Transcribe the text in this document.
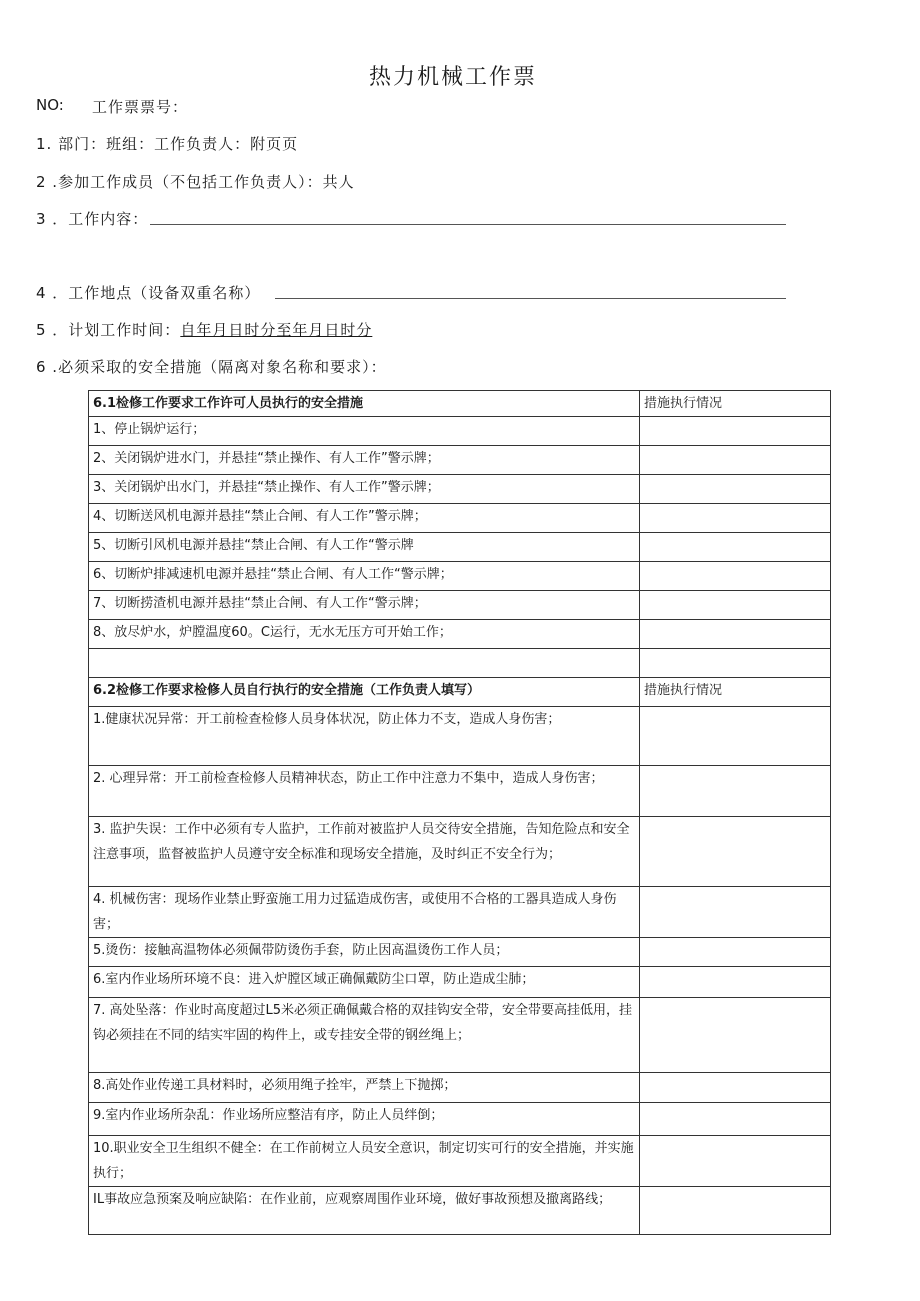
热力机械工作票
NO: 工作票票号：
1. 部门：班组：工作负责人：附页页
2 .参加工作成员（不包括工作负责人）：共人
3 ．工作内容：
4 ．工作地点（设备双重名称）
5 ．计划工作时间：自年月日时分至年月日时分
6 .必须采取的安全措施（隔离对象名称和要求）：
6.1检修工作要求工作许可人员执行的安全措施	措施执行情况
1、停止锅炉运行；	
2、关闭锅炉进水门，并悬挂“禁止操作、有人工作”警示牌；	
3、关闭锅炉出水门，并悬挂“禁止操作、有人工作”警示牌；	
4、切断送风机电源并悬挂“禁止合闸、有人工作”警示牌；	
5、切断引风机电源并悬挂“禁止合闸、有人工作“警示牌	
6、切断炉排减速机电源并悬挂“禁止合闸、有人工作“警示牌；	
7、切断捞渣机电源并悬挂“禁止合闸、有人工作“警示牌；	
8、放尽炉水，炉膛温度60。C运行，无水无压方可开始工作；	

6.2检修工作要求检修人员自行执行的安全措施（工作负责人填写）	措施执行情况
1.健康状况异常：开工前检查检修人员身体状况，防止体力不支，造成人身伤害；	
2. 心理异常：开工前检查检修人员精神状态，防止工作中注意力不集中，造成人身伤害；	
3. 监护失误：工作中必须有专人监护，工作前对被监护人员交待安全措施，告知危险点和安全注意事项，监督被监护人员遵守安全标准和现场安全措施，及时纠正不安全行为；	
4. 机械伤害：现场作业禁止野蛮施工用力过猛造成伤害，或使用不合格的工器具造成人身伤害；	
5.烫伤：接触高温物体必须佩带防烫伤手套，防止因高温烫伤工作人员；	
6.室内作业场所环境不良：进入炉膛区域正确佩戴防尘口罩，防止造成尘肺；	
7. 高处坠落：作业时高度超过L5米必须正确佩戴合格的双挂钩安全带，安全带要高挂低用，挂钩必须挂在不同的结实牢固的构件上，或专挂安全带的钢丝绳上；	
8.高处作业传递工具材料时，必须用绳子拴牢，严禁上下抛掷；	
9.室内作业场所杂乱：作业场所应整洁有序，防止人员绊倒；	
10.职业安全卫生组织不健全：在工作前树立人员安全意识，制定切实可行的安全措施，并实施执行；	
IL事故应急预案及响应缺陷：在作业前，应观察周围作业环境，做好事故预想及撤离路线；	
